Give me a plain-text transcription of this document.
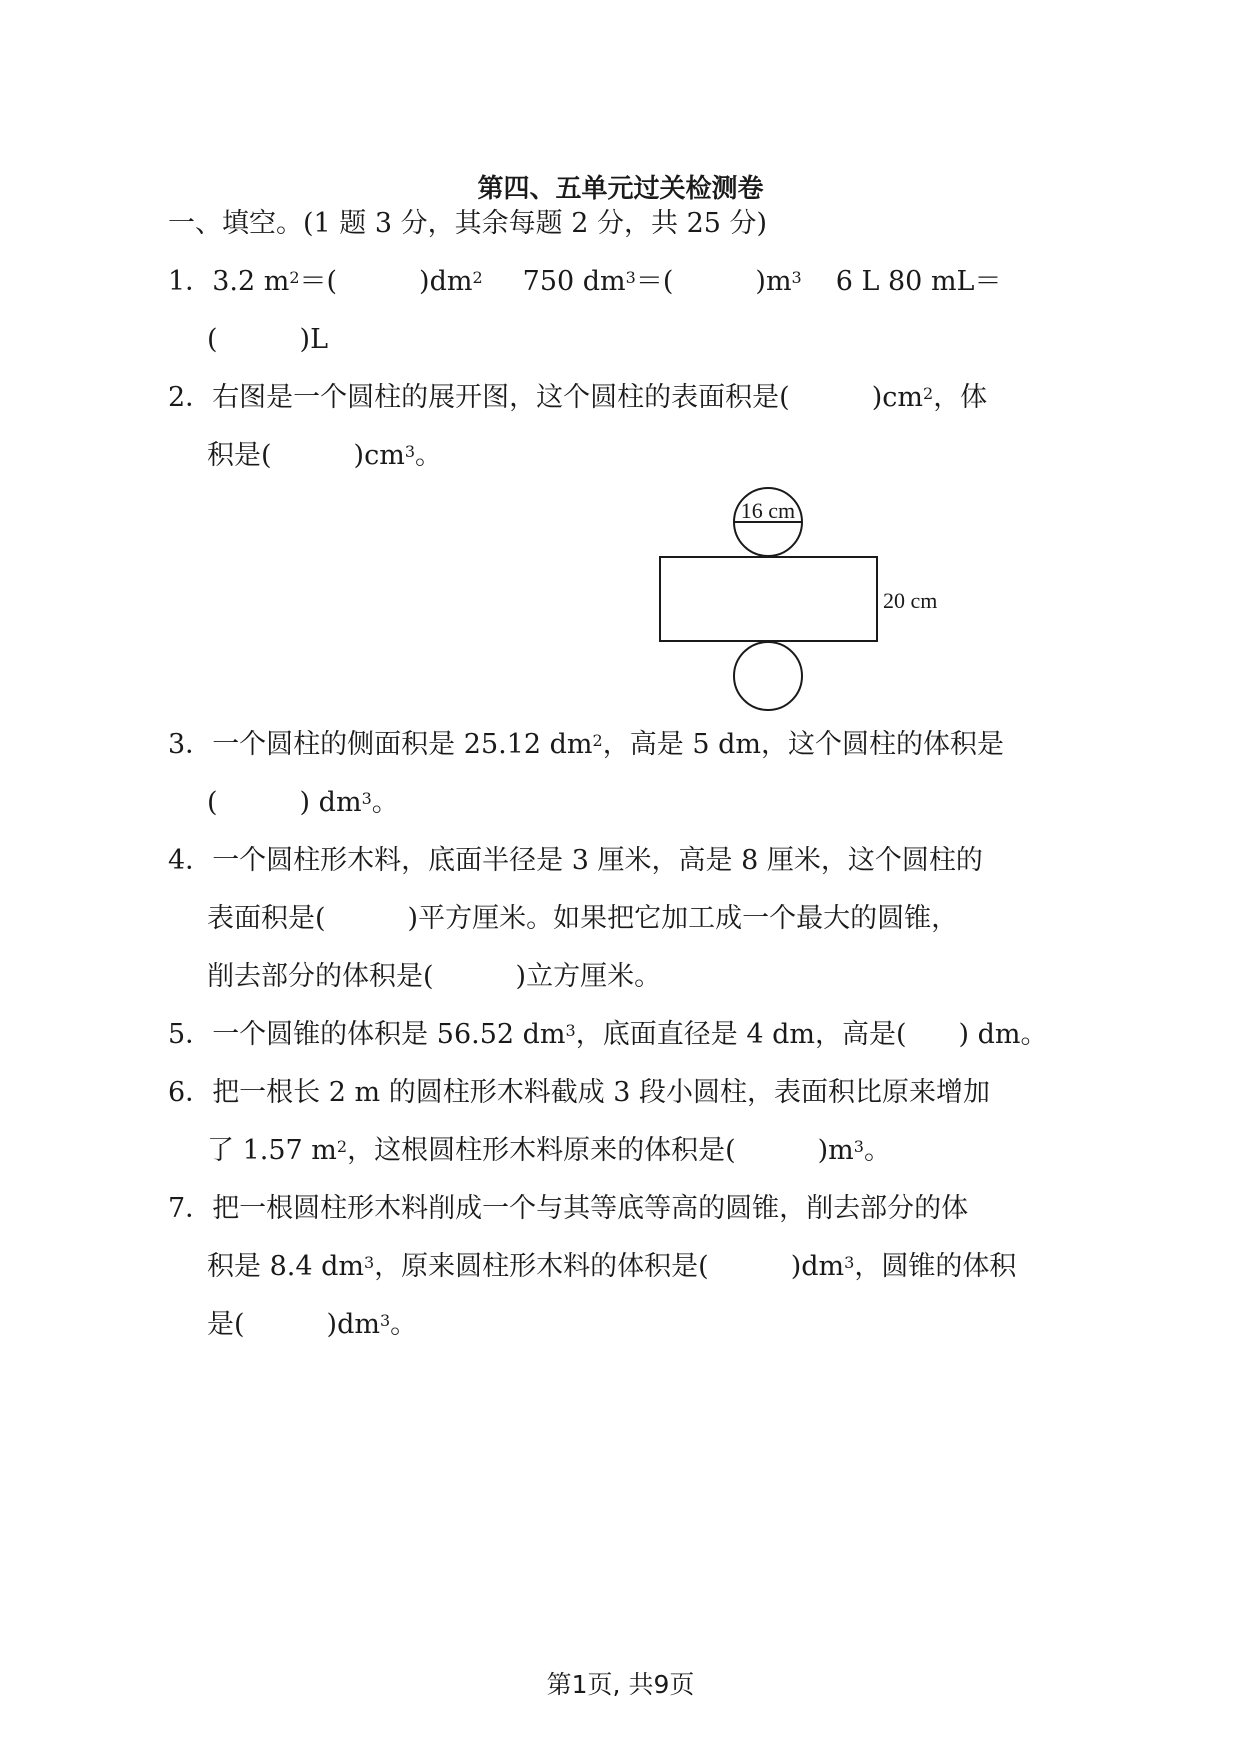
第四、五单元过关检测卷
一、填空。(1 题 3 分，其余每题 2 分，共 25 分)
1．3.2 $m^2=$(	)$dm^2$ 750 $dm^3=$(	)$m^3$ 6 L 80 mL＝
(	)L
2．右图是一个圆柱的展开图，这个圆柱的表面积是(	)$cm^2$，体
积是(	)$cm^3$。
16 cm
20 cm
3．一个圆柱的侧面积是 25.12 $dm^2$，高是 5 dm，这个圆柱的体积是
(	) $dm^3$。
4．一个圆柱形木料，底面半径是 3 厘米，高是 8 厘米，这个圆柱的
表面积是(	)平方厘米。如果把它加工成一个最大的圆锥，
削去部分的体积是(	)立方厘米。
5．一个圆锥的体积是 56.52 $dm^3$，底面直径是 4 dm，高是( ) dm。
6．把一根长 2 m 的圆柱形木料截成 3 段小圆柱，表面积比原来增加
了 1.57 $m^2$，这根圆柱形木料原来的体积是(	)$m^3$。
7．把一根圆柱形木料削成一个与其等底等高的圆锥，削去部分的体
积是 8.4 $dm^3$，原来圆柱形木料的体积是(	)$dm^3$，圆锥的体积
是(	)$dm^3$。
第1页, 共9页
